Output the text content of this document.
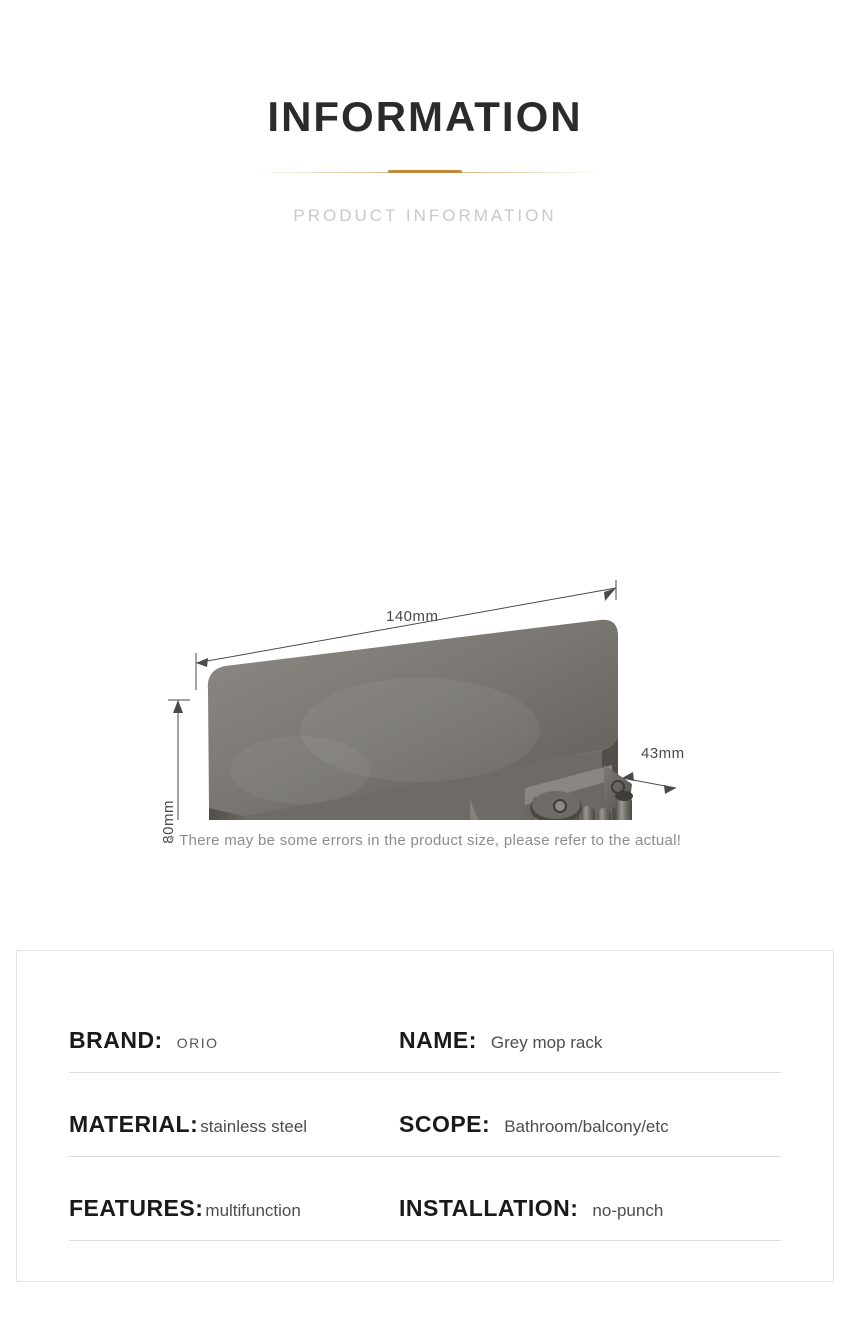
INFORMATION
PRODUCT INFORMATION
140mm
43mm
80mm
* There may be some errors in the product size, please refer to the actual!
BRAND: ORIO	NAME: Grey mop rack
MATERIAL: stainless steel	SCOPE: Bathroom/balcony/etc
FEATURES: multifunction	INSTALLATION: no-punch
